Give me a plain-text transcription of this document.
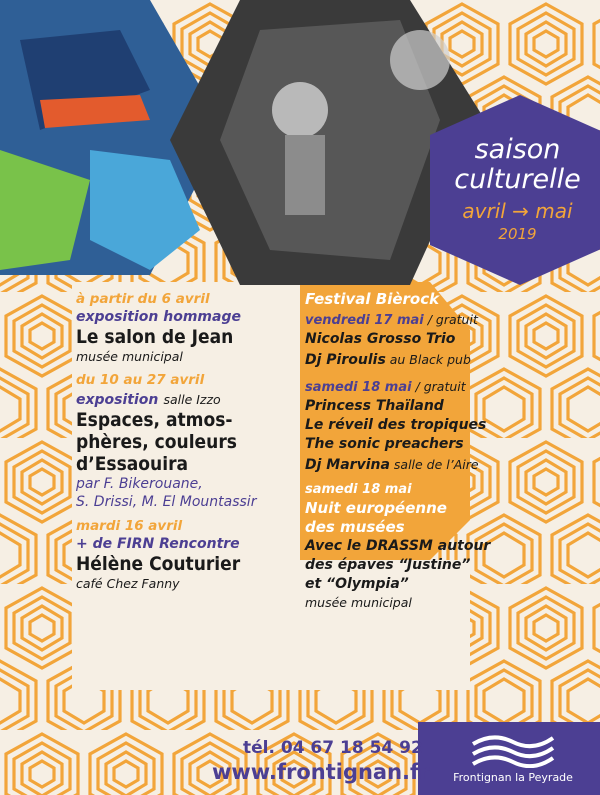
saison
culturelle
avril → mai
2019
à partir du 6 avril
exposition hommage
Le salon de Jean
musée municipal
du 10 au 27 avril
exposition salle Izzo
Espaces, atmos-
phères, couleurs
d’Essaouira
par F. Bikerouane,
S. Drissi, M. El Mountassir
mardi 16 avril
+ de FIRN Rencontre
Hélène Couturier
café Chez Fanny
Festival Bièrock
vendredi 17 mai / gratuit
Nicolas Grosso Trio
Dj Piroulis au Black pub
samedi 18 mai / gratuit
Princess Thaïland
Le réveil des tropiques
The sonic preachers
Dj Marvina salle de l’Aire
samedi 18 mai
Nuit européenne
des musées
Avec le DRASSM autour
des épaves “Justine”
et “Olympia”
musée municipal
tél. 04 67 18 54 92
www.frontignan.fr	Frontignan la Peyrade
